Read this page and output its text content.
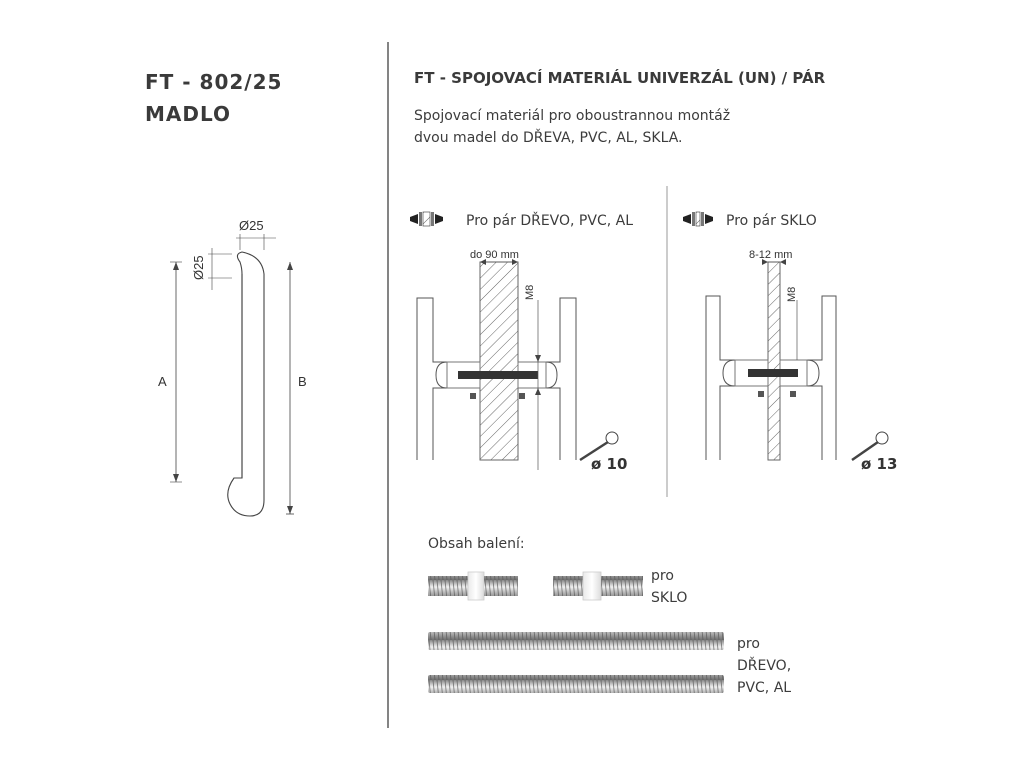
FT - 802/25
MADLO
Ø25
Ø25
A	B
FT - SPOJOVACÍ MATERIÁL UNIVERZÁL (UN) / PÁR
Spojovací materiál pro oboustrannou montáž
dvou madel do DŘEVA, PVC, AL, SKLA.
Pro pár DŘEVO, PVC, AL
do 90 mm
M8
ø 10
Pro pár SKLO
8-12 mm
M8
ø 13
Obsah balení:
pro
SKLO
pro
DŘEVO,
PVC, AL
